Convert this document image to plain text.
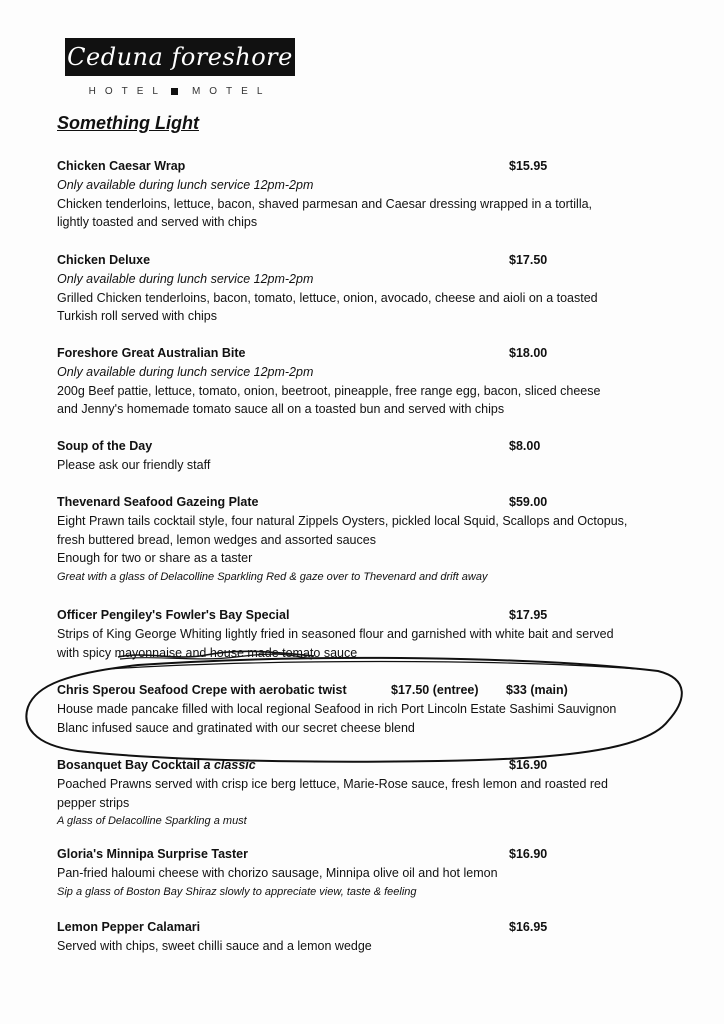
Ceduna foreshore
HOTEL	MOTEL
Something Light
Chicken Caesar Wrap	$15.95
Only available during lunch service 12pm-2pm
Chicken tenderloins, lettuce, bacon, shaved parmesan and Caesar dressing wrapped in a tortilla,
lightly toasted and served with chips
Chicken Deluxe	$17.50
Only available during lunch service 12pm-2pm
Grilled Chicken tenderloins, bacon, tomato, lettuce, onion, avocado, cheese and aioli on a toasted
Turkish roll served with chips
Foreshore Great Australian Bite	$18.00
Only available during lunch service 12pm-2pm
200g Beef pattie, lettuce, tomato, onion, beetroot, pineapple, free range egg, bacon, sliced cheese
and Jenny's homemade tomato sauce all on a toasted bun and served with chips
Soup of the Day	$8.00
Please ask our friendly staff
Thevenard Seafood Gazeing Plate	$59.00
Eight Prawn tails cocktail style, four natural Zippels Oysters, pickled local Squid, Scallops and Octopus,
fresh buttered bread, lemon wedges and assorted sauces
Enough for two or share as a taster
Great with a glass of Delacolline Sparkling Red & gaze over to Thevenard and drift away
Officer Pengiley's Fowler's Bay Special	$17.95
Strips of King George Whiting lightly fried in seasoned flour and garnished with white bait and served
with spicy mayonnaise and house made tomato sauce
Chris Sperou Seafood Crepe with aerobatic twist	$17.50 (entree) $33 (main)
House made pancake filled with local regional Seafood in rich Port Lincoln Estate Sashimi Sauvignon
Blanc infused sauce and gratinated with our secret cheese blend
Bosanquet Bay Cocktail a classic	$16.90
Poached Prawns served with crisp ice berg lettuce, Marie-Rose sauce, fresh lemon and roasted red
pepper strips
A glass of Delacolline Sparkling a must
Gloria's Minnipa Surprise Taster	$16.90
Pan-fried haloumi cheese with chorizo sausage, Minnipa olive oil and hot lemon
Sip a glass of Boston Bay Shiraz slowly to appreciate view, taste & feeling
Lemon Pepper Calamari	$16.95
Served with chips, sweet chilli sauce and a lemon wedge
